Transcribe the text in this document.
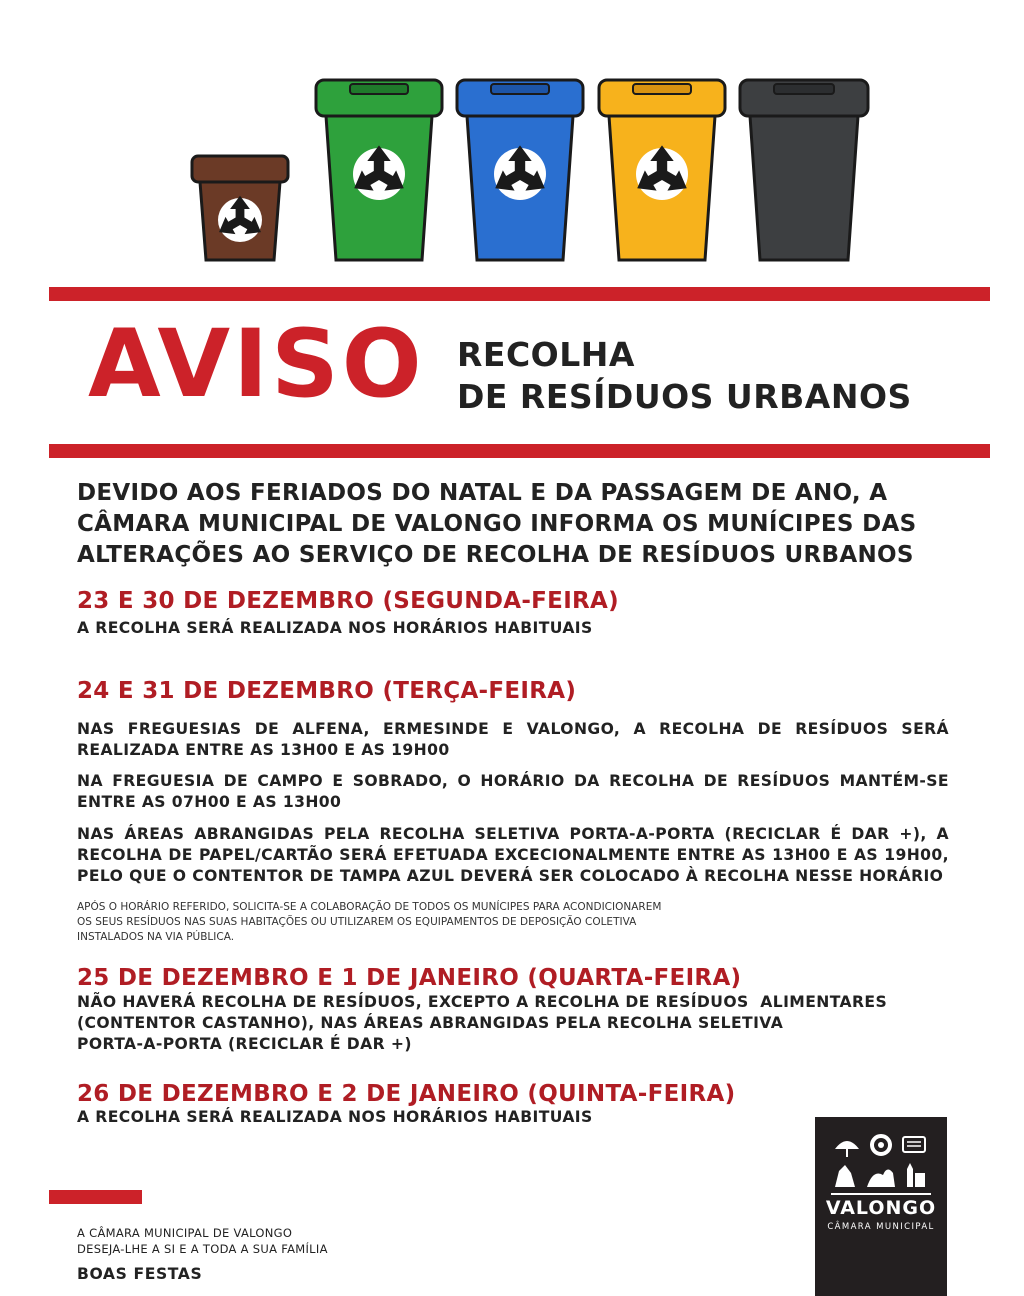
AVISO RECOLHA
DE RESÍDUOS URBANOS
DEVIDO AOS FERIADOS DO NATAL E DA PASSAGEM DE ANO, A
CÂMARA MUNICIPAL DE VALONGO INFORMA OS MUNÍCIPES DAS
ALTERAÇÕES AO SERVIÇO DE RECOLHA DE RESÍDUOS URBANOS
23 E 30 DE DEZEMBRO (SEGUNDA-FEIRA)
A RECOLHA SERÁ REALIZADA NOS HORÁRIOS HABITUAIS
24 E 31 DE DEZEMBRO (TERÇA-FEIRA)
NAS FREGUESIAS DE ALFENA, ERMESINDE E VALONGO, A RECOLHA DE RESÍDUOS SERÁ REALIZADA ENTRE AS 13H00 E AS 19H00
NA FREGUESIA DE CAMPO E SOBRADO, O HORÁRIO DA RECOLHA DE RESÍDUOS MANTÉM-SE ENTRE AS 07H00 E AS 13H00
NAS ÁREAS ABRANGIDAS PELA RECOLHA SELETIVA PORTA-A-PORTA (RECICLAR É DAR +), A RECOLHA DE PAPEL/CARTÃO SERÁ EFETUADA EXCECIONALMENTE ENTRE AS 13H00 E AS 19H00, PELO QUE O CONTENTOR DE TAMPA AZUL DEVERÁ SER COLOCADO À RECOLHA NESSE HORÁRIO
APÓS O HORÁRIO REFERIDO, SOLICITA-SE A COLABORAÇÃO DE TODOS OS MUNÍCIPES PARA ACONDICIONAREM
OS SEUS RESÍDUOS NAS SUAS HABITAÇÕES OU UTILIZAREM OS EQUIPAMENTOS DE DEPOSIÇÃO COLETIVA
INSTALADOS NA VIA PÚBLICA.
25 DE DEZEMBRO E 1 DE JANEIRO (QUARTA-FEIRA)
NÃO HAVERÁ RECOLHA DE RESÍDUOS, EXCEPTO A RECOLHA DE RESÍDUOS  ALIMENTARES
(CONTENTOR CASTANHO), NAS ÁREAS ABRANGIDAS PELA RECOLHA SELETIVA
PORTA-A-PORTA (RECICLAR É DAR +)
26 DE DEZEMBRO E 2 DE JANEIRO (QUINTA-FEIRA)
A RECOLHA SERÁ REALIZADA NOS HORÁRIOS HABITUAIS
A CÂMARA MUNICIPAL DE VALONGO
DESEJA-LHE A SI E A TODA A SUA FAMÍLIA
BOAS FESTAS
VALONGO
CÂMARA MUNICIPAL
